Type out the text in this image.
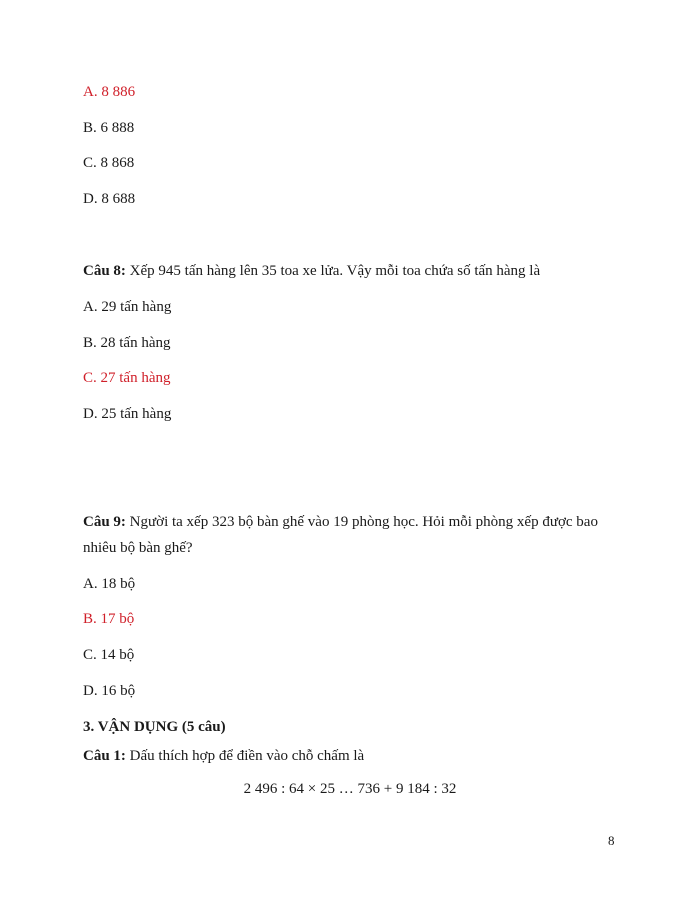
A. 8 886
B. 6 888
C. 8 868
D. 8 688
Câu 8: Xếp 945 tấn hàng lên 35 toa xe lửa. Vậy mỗi toa chứa số tấn hàng là
A. 29 tấn hàng
B. 28 tấn hàng
C. 27 tấn hàng
D. 25 tấn hàng
Câu 9: Người ta xếp 323 bộ bàn ghế vào 19 phòng học. Hỏi mỗi phòng xếp được bao
nhiêu bộ bàn ghế?
A. 18 bộ
B. 17 bộ
C. 14 bộ
D. 16 bộ
3. VẬN DỤNG (5 câu)
Câu 1: Dấu thích hợp để điền vào chỗ chấm là
2 496 : 64 × 25 … 736 + 9 184 : 32
8
